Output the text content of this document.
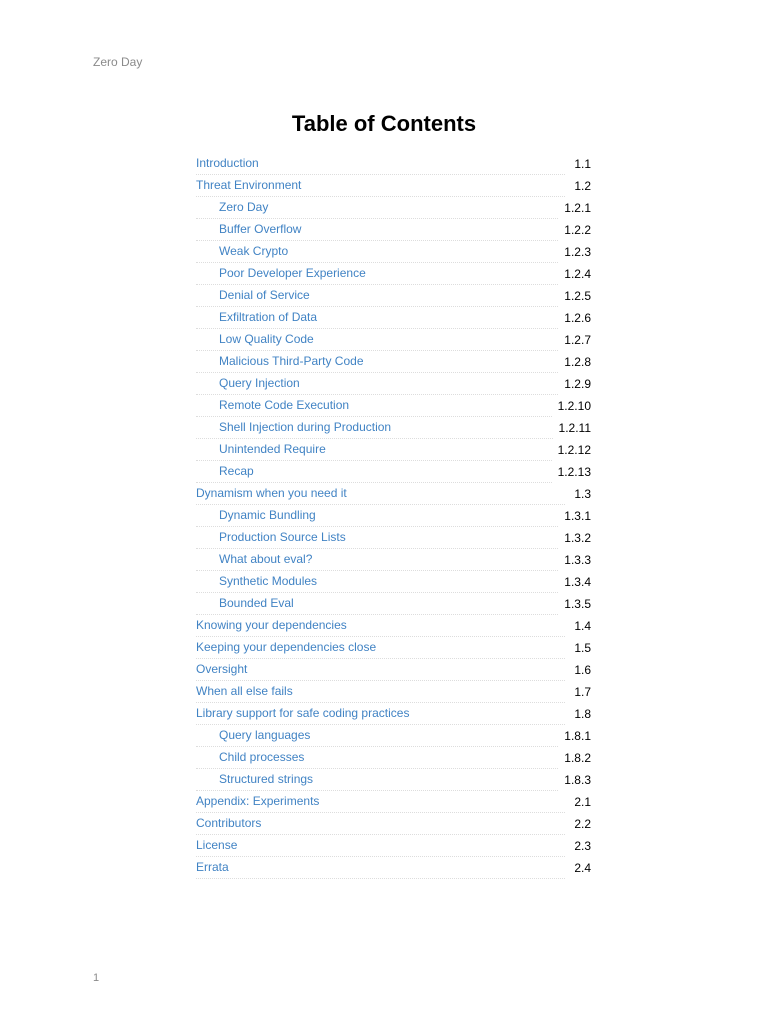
Zero Day
Table of Contents
Introduction	1.1
Threat Environment	1.2
Zero Day	1.2.1
Buffer Overflow	1.2.2
Weak Crypto	1.2.3
Poor Developer Experience	1.2.4
Denial of Service	1.2.5
Exfiltration of Data	1.2.6
Low Quality Code	1.2.7
Malicious Third-Party Code	1.2.8
Query Injection	1.2.9
Remote Code Execution	1.2.10
Shell Injection during Production	1.2.11
Unintended Require	1.2.12
Recap	1.2.13
Dynamism when you need it	1.3
Dynamic Bundling	1.3.1
Production Source Lists	1.3.2
What about eval?	1.3.3
Synthetic Modules	1.3.4
Bounded Eval	1.3.5
Knowing your dependencies	1.4
Keeping your dependencies close	1.5
Oversight	1.6
When all else fails	1.7
Library support for safe coding practices	1.8
Query languages	1.8.1
Child processes	1.8.2
Structured strings	1.8.3
Appendix: Experiments	2.1
Contributors	2.2
License	2.3
Errata	2.4
1
